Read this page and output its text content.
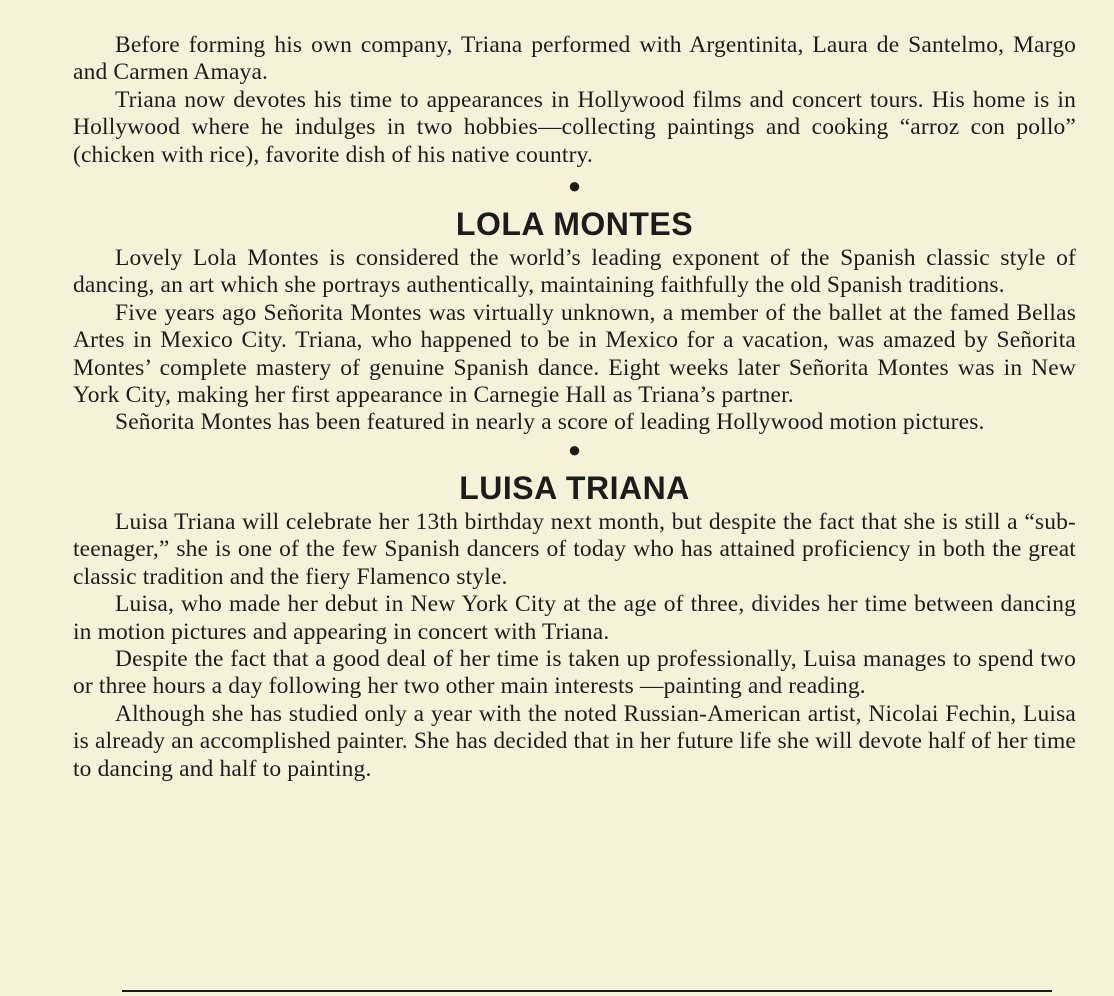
Before forming his own company, Triana performed with Argentinita, Laura de Santelmo, Margo and Carmen Amaya.

Triana now devotes his time to appearances in Hollywood films and concert tours. His home is in Hollywood where he indulges in two hobbies—collecting paintings and cooking “arroz con pollo” (chicken with rice), favorite dish of his native country.

●
LOLA MONTES

Lovely Lola Montes is considered the world’s leading exponent of the Spanish classic style of dancing, an art which she portrays authentically, maintaining faithfully the old Spanish traditions.

Five years ago Señorita Montes was virtually unknown, a member of the ballet at the famed Bellas Artes in Mexico City. Triana, who happened to be in Mexico for a vacation, was amazed by Señorita Montes’ complete mastery of genuine Spanish dance. Eight weeks later Señorita Montes was in New York City, making her first appearance in Carnegie Hall as Triana’s partner.

Señorita Montes has been featured in nearly a score of leading Hollywood motion pictures.

●
LUISA TRIANA

Luisa Triana will celebrate her 13th birthday next month, but despite the fact that she is still a “sub-teenager,” she is one of the few Spanish dancers of today who has attained proficiency in both the great classic tradition and the fiery Flamenco style.

Luisa, who made her debut in New York City at the age of three, divides her time between dancing in motion pictures and appearing in concert with Triana.

Despite the fact that a good deal of her time is taken up professionally, Luisa manages to spend two or three hours a day following her two other main interests —painting and reading.

Although she has studied only a year with the noted Russian-American artist, Nicolai Fechin, Luisa is already an accomplished painter. She has decided that in her future life she will devote half of her time to dancing and half to painting.
